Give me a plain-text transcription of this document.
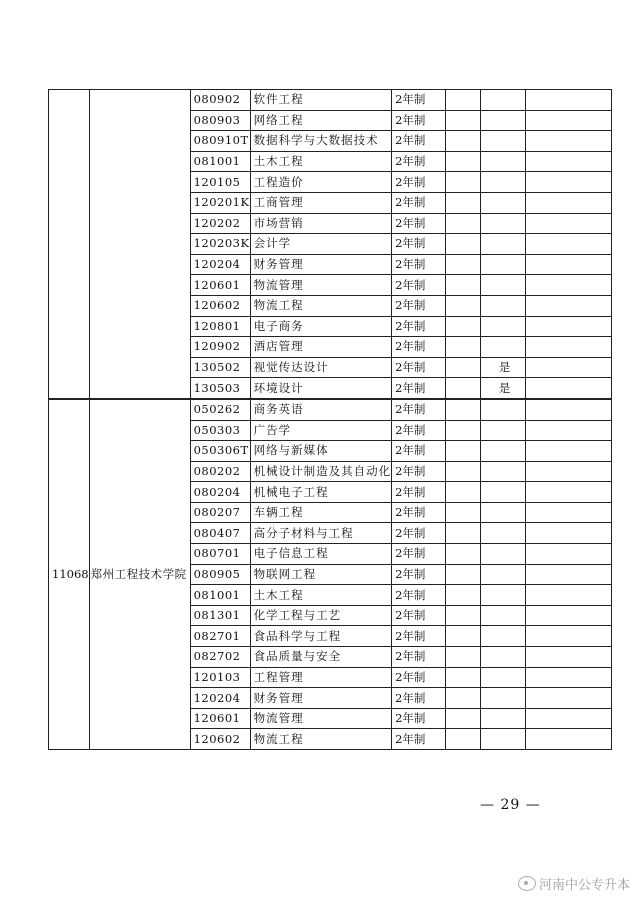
		080902	软件工程	2年制			
		080903	网络工程	2年制			
		080910T	数据科学与大数据技术	2年制			
		081001	土木工程	2年制			
		120105	工程造价	2年制			
		120201K	工商管理	2年制			
		120202	市场营销	2年制			
		120203K	会计学	2年制			
		120204	财务管理	2年制			
		120601	物流管理	2年制			
		120602	物流工程	2年制			
		120801	电子商务	2年制			
		120902	酒店管理	2年制			
		130502	视觉传达设计	2年制		是	
		130503	环境设计	2年制		是	
11068	郑州工程技术学院	050262	商务英语	2年制			
		050303	广告学	2年制			
		050306T	网络与新媒体	2年制			
		080202	机械设计制造及其自动化	2年制			
		080204	机械电子工程	2年制			
		080207	车辆工程	2年制			
		080407	高分子材料与工程	2年制			
		080701	电子信息工程	2年制			
		080905	物联网工程	2年制			
		081001	土木工程	2年制			
		081301	化学工程与工艺	2年制			
		082701	食品科学与工程	2年制			
		082702	食品质量与安全	2年制			
		120103	工程管理	2年制			
		120204	财务管理	2年制			
		120601	物流管理	2年制			
		120602	物流工程	2年制			
— 29 —
河南中公专升本
